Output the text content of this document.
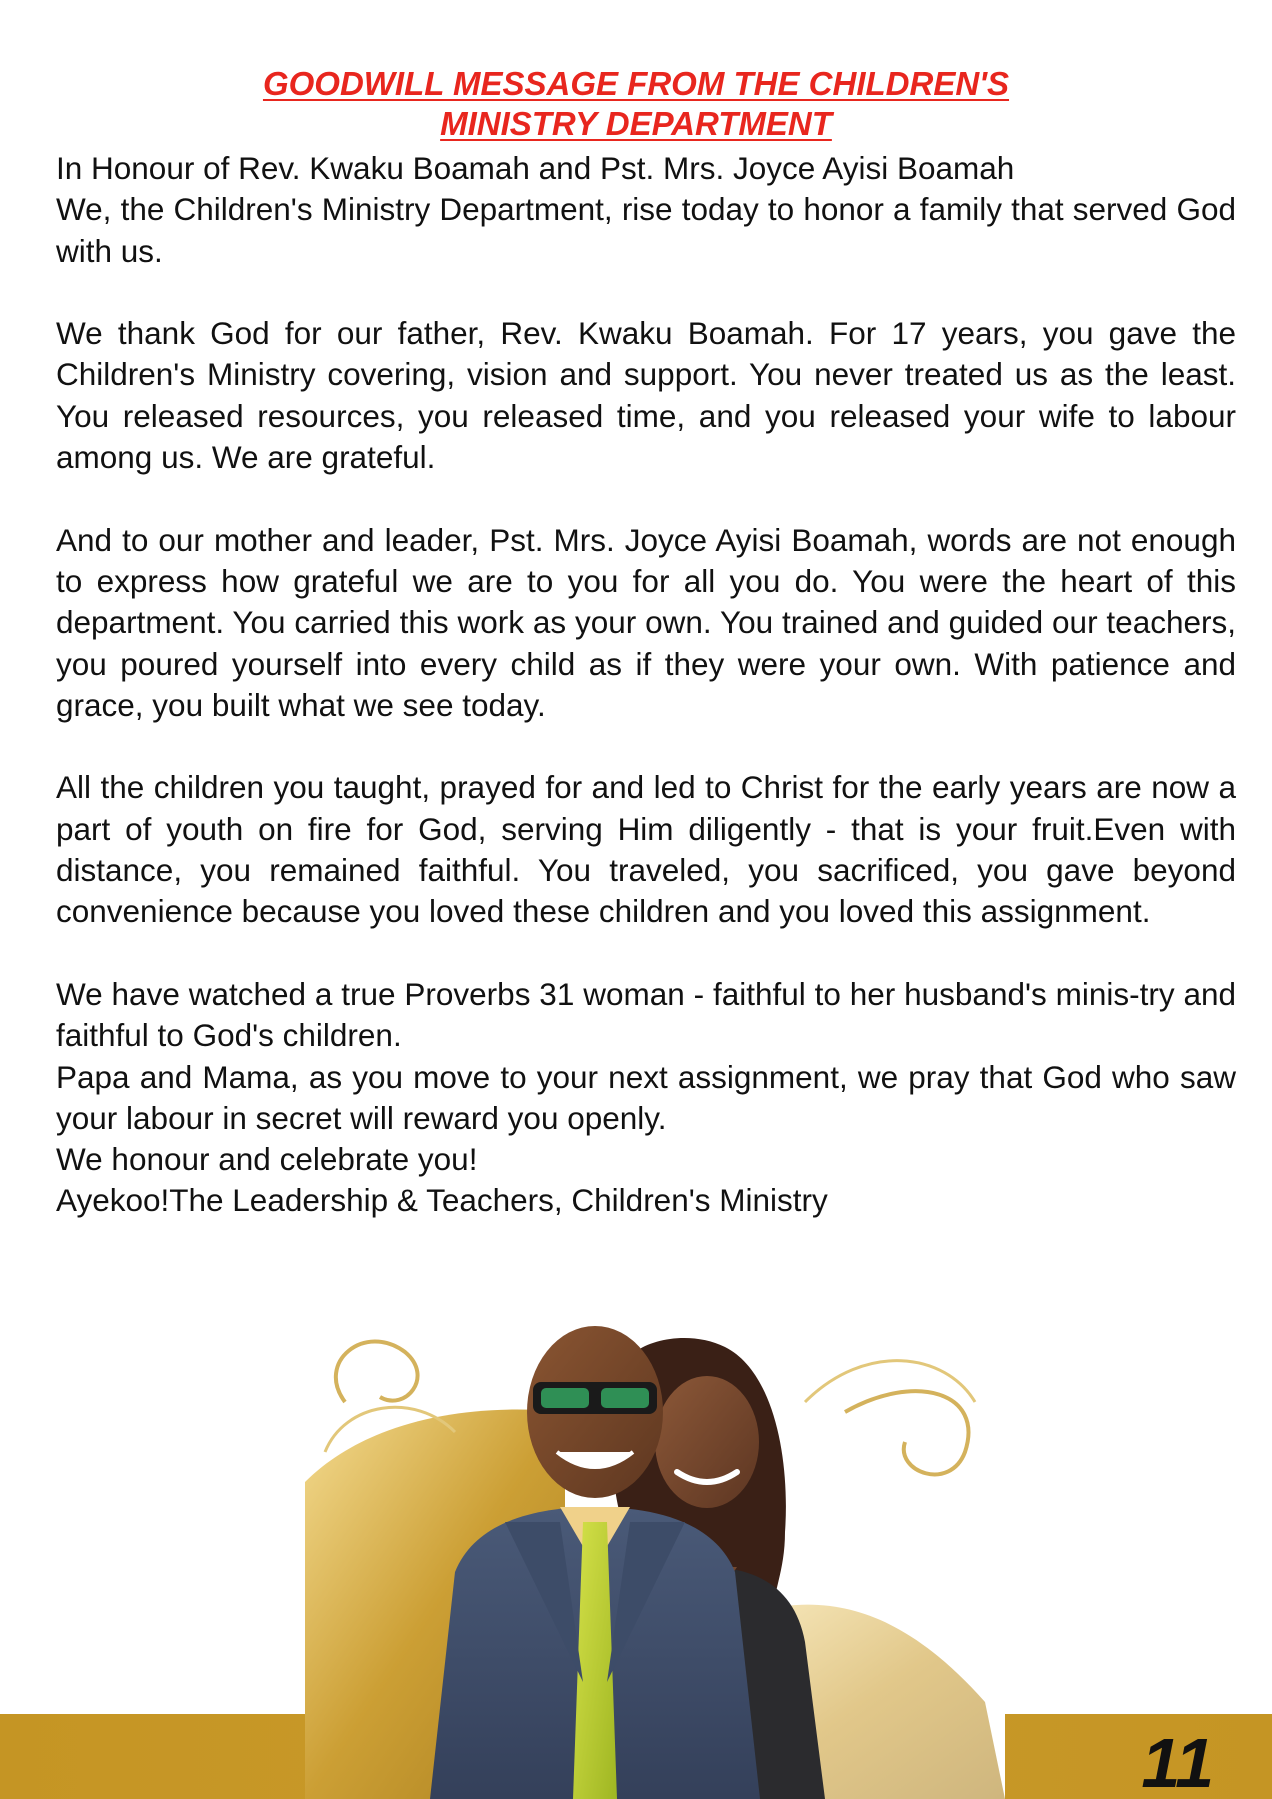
GOODWILL MESSAGE FROM THE CHILDREN'S
MINISTRY DEPARTMENT

In Honour of Rev. Kwaku Boamah and Pst. Mrs. Joyce Ayisi Boamah

We, the Children's Ministry Department, rise today to honor a family that served God with us.

We thank God for our father, Rev. Kwaku Boamah. For 17 years, you gave the Children's Ministry covering, vision and support. You never treated us as the least. You released resources, you released time, and you released your wife to labour among us. We are grateful.

And to our mother and leader, Pst. Mrs. Joyce Ayisi Boamah, words are not enough to express how grateful we are to you for all you do. You were the heart of this department. You carried this work as your own. You trained and guided our teachers, you poured yourself into every child as if they were your own. With patience and grace, you built what we see today.

All the children you taught, prayed for and led to Christ for the early years are now a part of youth on fire for God, serving Him diligently - that is your fruit.Even with distance, you remained faithful. You traveled, you sacrificed, you gave beyond convenience because you loved these children and you loved this assignment.

We have watched a true Proverbs 31 woman - faithful to her husband's minis-try and faithful to God's children.

Papa and Mama, as you move to your next assignment, we pray that God who saw your labour in secret will reward you openly.

We honour and celebrate you!

Ayekoo!The Leadership & Teachers, Children's Ministry

11
